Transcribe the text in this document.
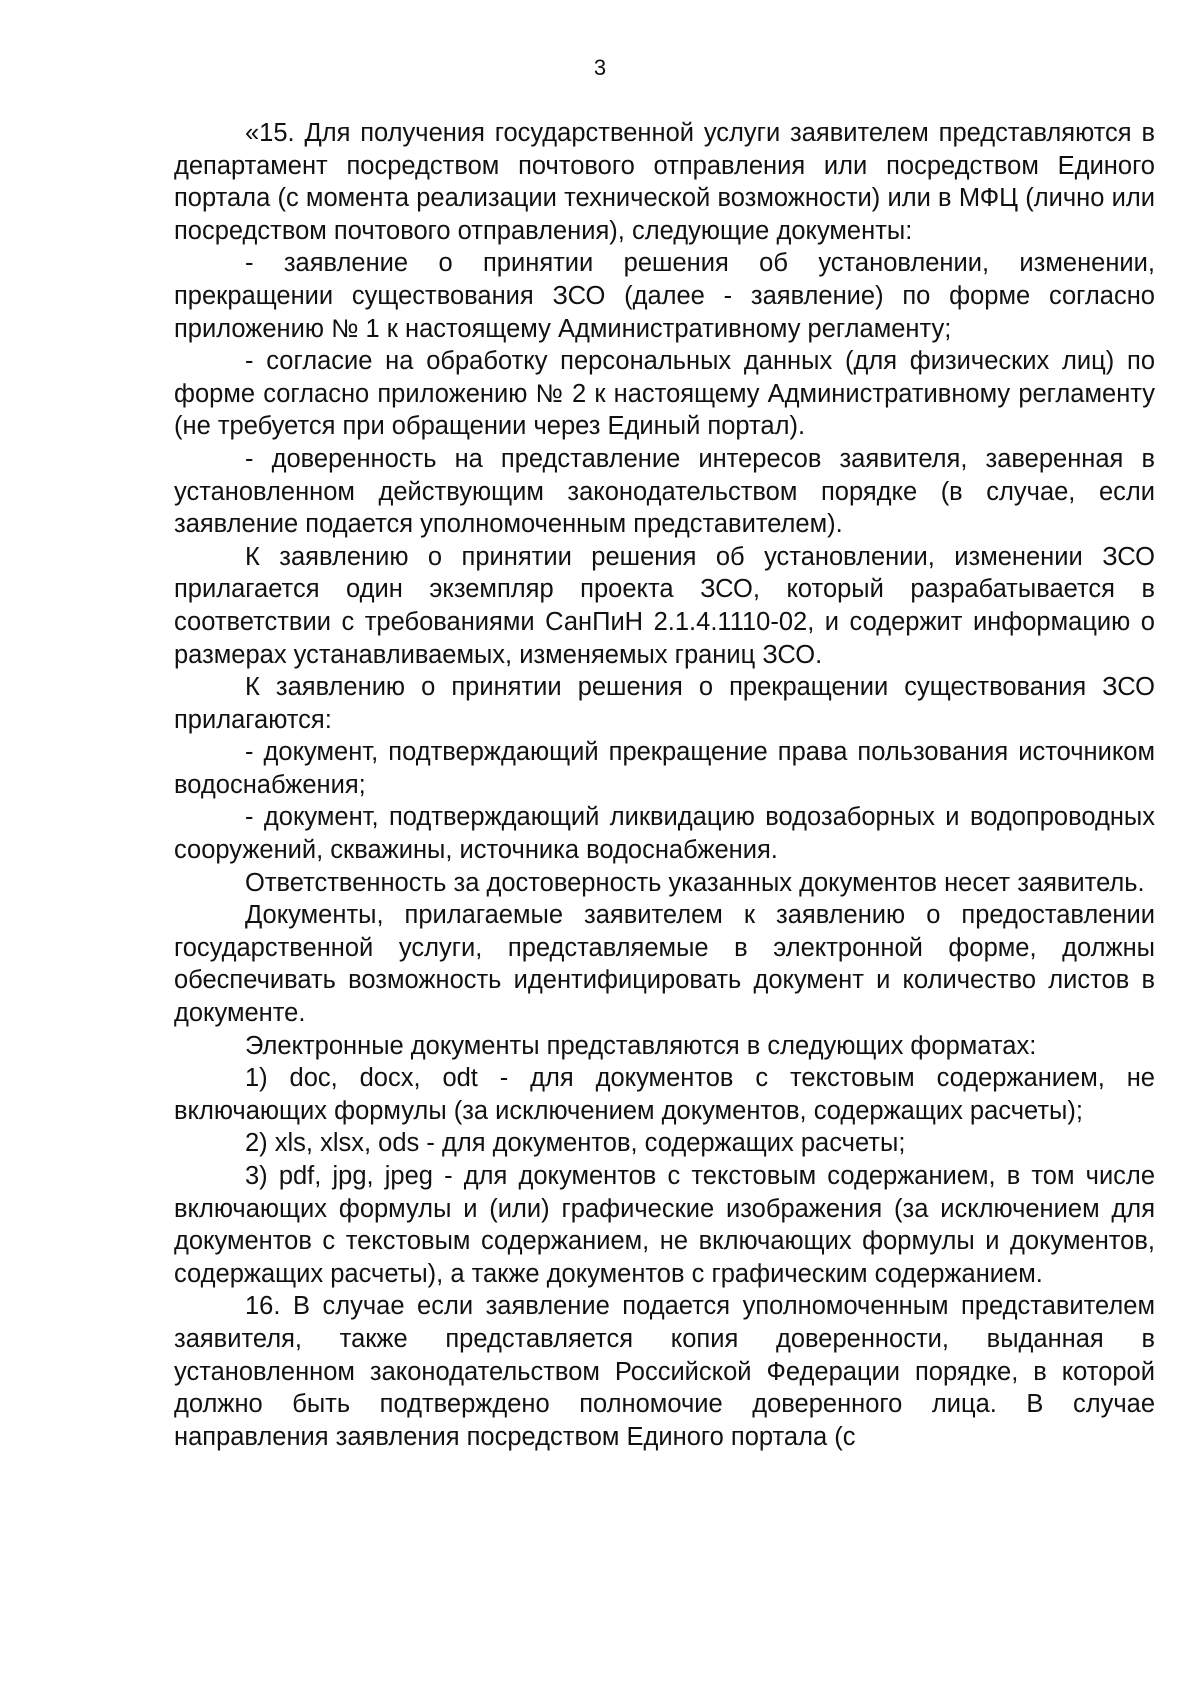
3

«15. Для получения государственной услуги заявителем представляются в департамент посредством почтового отправления или посредством Единого портала (с момента реализации технической возможности) или в МФЦ (лично или посредством почтового отправления), следующие документы:

- заявление о принятии решения об установлении, изменении, прекращении существования ЗСО (далее - заявление) по форме согласно приложению № 1 к настоящему Административному регламенту;

- согласие на обработку персональных данных (для физических лиц) по форме согласно приложению № 2 к настоящему Административному регламенту (не требуется при обращении через Единый портал).

- доверенность на представление интересов заявителя, заверенная в установленном действующим законодательством порядке (в случае, если заявление подается уполномоченным представителем).

К заявлению о принятии решения об установлении, изменении ЗСО прилагается один экземпляр проекта ЗСО, который разрабатывается в соответствии с требованиями СанПиН 2.1.4.1110-02, и содержит информацию о размерах устанавливаемых, изменяемых границ ЗСО.

К заявлению о принятии решения о прекращении существования ЗСО прилагаются:

- документ, подтверждающий прекращение права пользования источником водоснабжения;

- документ, подтверждающий ликвидацию водозаборных и водопроводных сооружений, скважины, источника водоснабжения.

Ответственность за достоверность указанных документов несет заявитель.

Документы, прилагаемые заявителем к заявлению о предоставлении государственной услуги, представляемые в электронной форме, должны обеспечивать возможность идентифицировать документ и количество листов в документе.

Электронные документы представляются в следующих форматах:

1) doc, docx, odt - для документов с текстовым содержанием, не включающих формулы (за исключением документов, содержащих расчеты);

2) xls, xlsx, ods - для документов, содержащих расчеты;

3) pdf, jpg, jpeg - для документов с текстовым содержанием, в том числе включающих формулы и (или) графические изображения (за исключением для документов с текстовым содержанием, не включающих формулы и документов, содержащих расчеты), а также документов с графическим содержанием.

16. В случае если заявление подается уполномоченным представителем заявителя, также представляется копия доверенности, выданная в установленном законодательством Российской Федерации порядке, в которой должно быть подтверждено полномочие доверенного лица. В случае направления заявления посредством Единого портала (с
